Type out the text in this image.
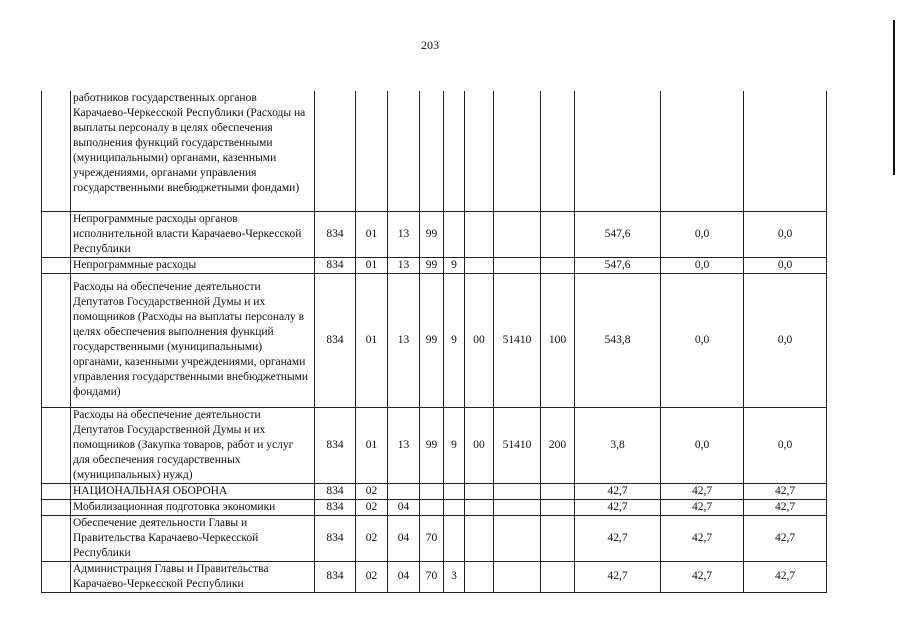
203
	работников государственных органов Карачаево-Черкесской Республики (Расходы на выплаты персоналу в целях обеспечения выполнения функций государственными (муниципальными) органами, казенными учреждениями, органами управления государственными внебюджетными фондами)											
	Непрограммные расходы органов исполнительной власти Карачаево-Черкесской Республики	834	01	13	99					547,6	0,0	0,0
	Непрограммные расходы	834	01	13	99	9				547,6	0,0	0,0
	Расходы на обеспечение деятельности Депутатов Государственной Думы и их помощников (Расходы на выплаты персоналу в целях обеспечения выполнения функций государственными (муниципальными) органами, казенными учреждениями, органами управления государственными внебюджетными фондами)	834	01	13	99	9	00	51410	100	543,8	0,0	0,0
	Расходы на обеспечение деятельности Депутатов Государственной Думы и их помощников (Закупка товаров, работ и услуг для обеспечения государственных (муниципальных) нужд)	834	01	13	99	9	00	51410	200	3,8	0,0	0,0
	НАЦИОНАЛЬНАЯ ОБОРОНА	834	02							42,7	42,7	42,7
	Мобилизационная подготовка экономики	834	02	04						42,7	42,7	42,7
	Обеспечение деятельности Главы и Правительства Карачаево-Черкесской Республики	834	02	04	70					42,7	42,7	42,7
	Администрация Главы и Правительства Карачаево-Черкесской Республики	834	02	04	70	3				42,7	42,7	42,7
